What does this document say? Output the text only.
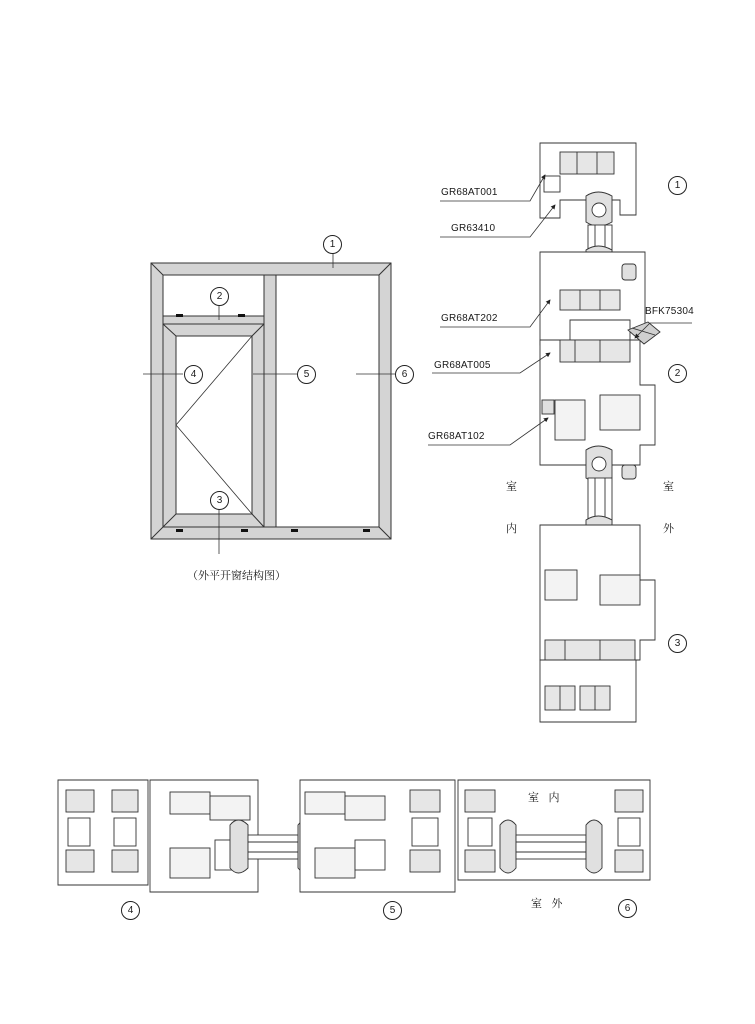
1
2
4	5	6
3
（外平开窗结构图）
GR68AT001
GR63410
GR68AT202
BFK75304
GR68AT005
GR68AT102
1
2
3
室
内
室
外
室 内
室 外
4	5	6
